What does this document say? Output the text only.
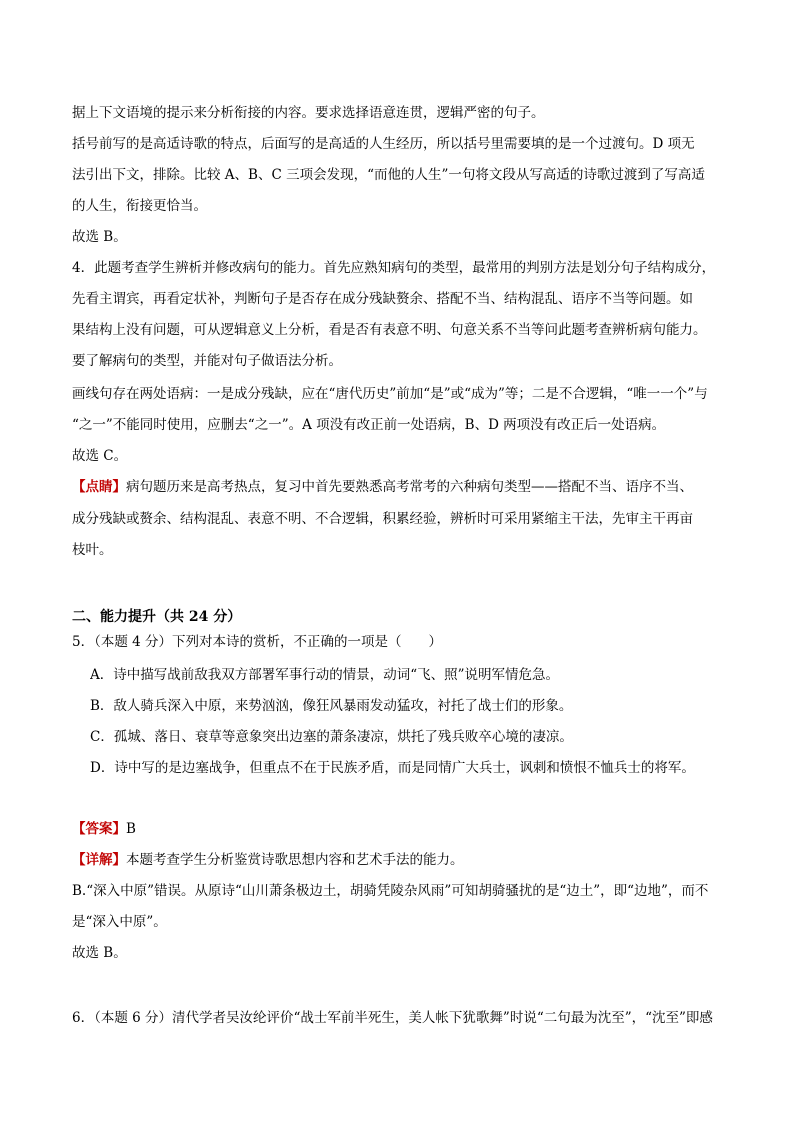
据上下文语境的提示来分析衔接的内容。要求选择语意连贯，逻辑严密的句子。
括号前写的是高适诗歌的特点，后面写的是高适的人生经历，所以括号里需要填的是一个过渡句。D 项无
法引出下文，排除。比较 A、B、C 三项会发现，“而他的人生”一句将文段从写高适的诗歌过渡到了写高适
的人生，衔接更恰当。
故选 B。
4．此题考查学生辨析并修改病句的能力。首先应熟知病句的类型，最常用的判别方法是划分句子结构成分，
先看主谓宾，再看定状补，判断句子是否存在成分残缺赘余、搭配不当、结构混乱、语序不当等问题。如
果结构上没有问题，可从逻辑意义上分析，看是否有表意不明、句意关系不当等问此题考查辨析病句能力。
要了解病句的类型，并能对句子做语法分析。
画线句存在两处语病：一是成分残缺，应在“唐代历史”前加“是”或“成为”等；二是不合逻辑，“唯一一个”与
“之一”不能同时使用，应删去“之一”。A 项没有改正前一处语病，B、D 两项没有改正后一处语病。
故选 C。
【点睛】病句题历来是高考热点，复习中首先要熟悉高考常考的六种病句类型——搭配不当、语序不当、
成分残缺或赘余、结构混乱、表意不明、不合逻辑，积累经验，辨析时可采用紧缩主干法，先审主干再亩
枝叶。
二、能力提升（共 24 分）
5．（本题 4 分）下列对本诗的赏析，不正确的一项是（　　）
A．诗中描写战前敌我双方部署军事行动的情景，动词“飞、照”说明军情危急。
B．敌人骑兵深入中原，来势汹汹，像狂风暴雨发动猛攻，衬托了战士们的形象。
C．孤城、落日、衰草等意象突出边塞的萧条凄凉，烘托了残兵败卒心境的凄凉。
D．诗中写的是边塞战争，但重点不在于民族矛盾，而是同情广大兵士，讽刺和愤恨不恤兵士的将军。
【答案】B
【详解】本题考查学生分析鉴赏诗歌思想内容和艺术手法的能力。
B.“深入中原”错误。从原诗“山川萧条极边土，胡骑凭陵杂风雨”可知胡骑骚扰的是“边土”，即“边地”，而不
是“深入中原”。
故选 B。
6．（本题 6 分）清代学者吴汝纶评价“战士军前半死生，美人帐下犹歌舞”时说“二句最为沈至”，“沈至”即感
